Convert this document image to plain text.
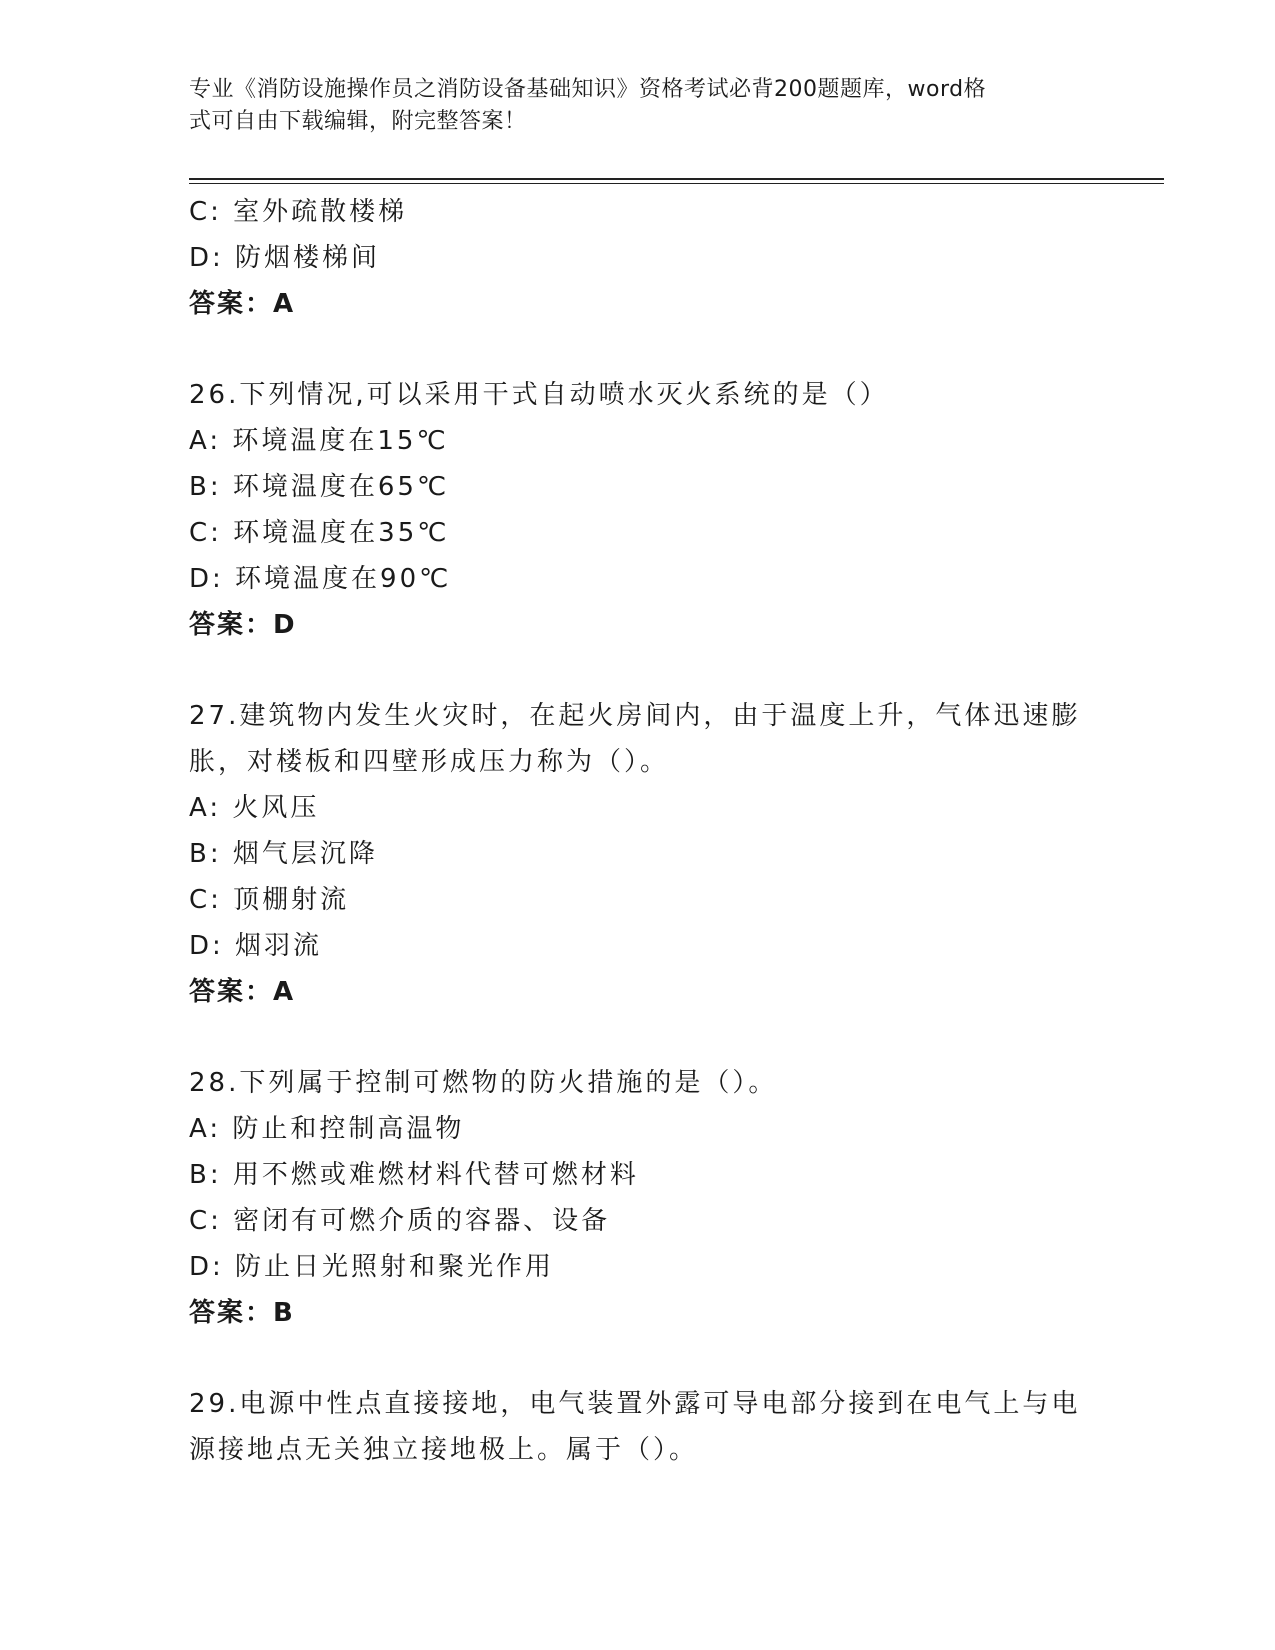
专业《消防设施操作员之消防设备基础知识》资格考试必背200题题库，word格
式可自由下载编辑，附完整答案！
C: 室外疏散楼梯
D: 防烟楼梯间
答案：A
26.下列情况,可以采用干式自动喷水灭火系统的是（）
A: 环境温度在15℃
B: 环境温度在65℃
C: 环境温度在35℃
D: 环境温度在90℃
答案：D
27.建筑物内发生火灾时，在起火房间内，由于温度上升，气体迅速膨
胀，对楼板和四壁形成压力称为（）。
A: 火风压
B: 烟气层沉降
C: 顶棚射流
D: 烟羽流
答案：A
28.下列属于控制可燃物的防火措施的是（）。
A: 防止和控制高温物
B: 用不燃或难燃材料代替可燃材料
C: 密闭有可燃介质的容器、设备
D: 防止日光照射和聚光作用
答案：B
29.电源中性点直接接地，电气装置外露可导电部分接到在电气上与电
源接地点无关独立接地极上。属于（）。
